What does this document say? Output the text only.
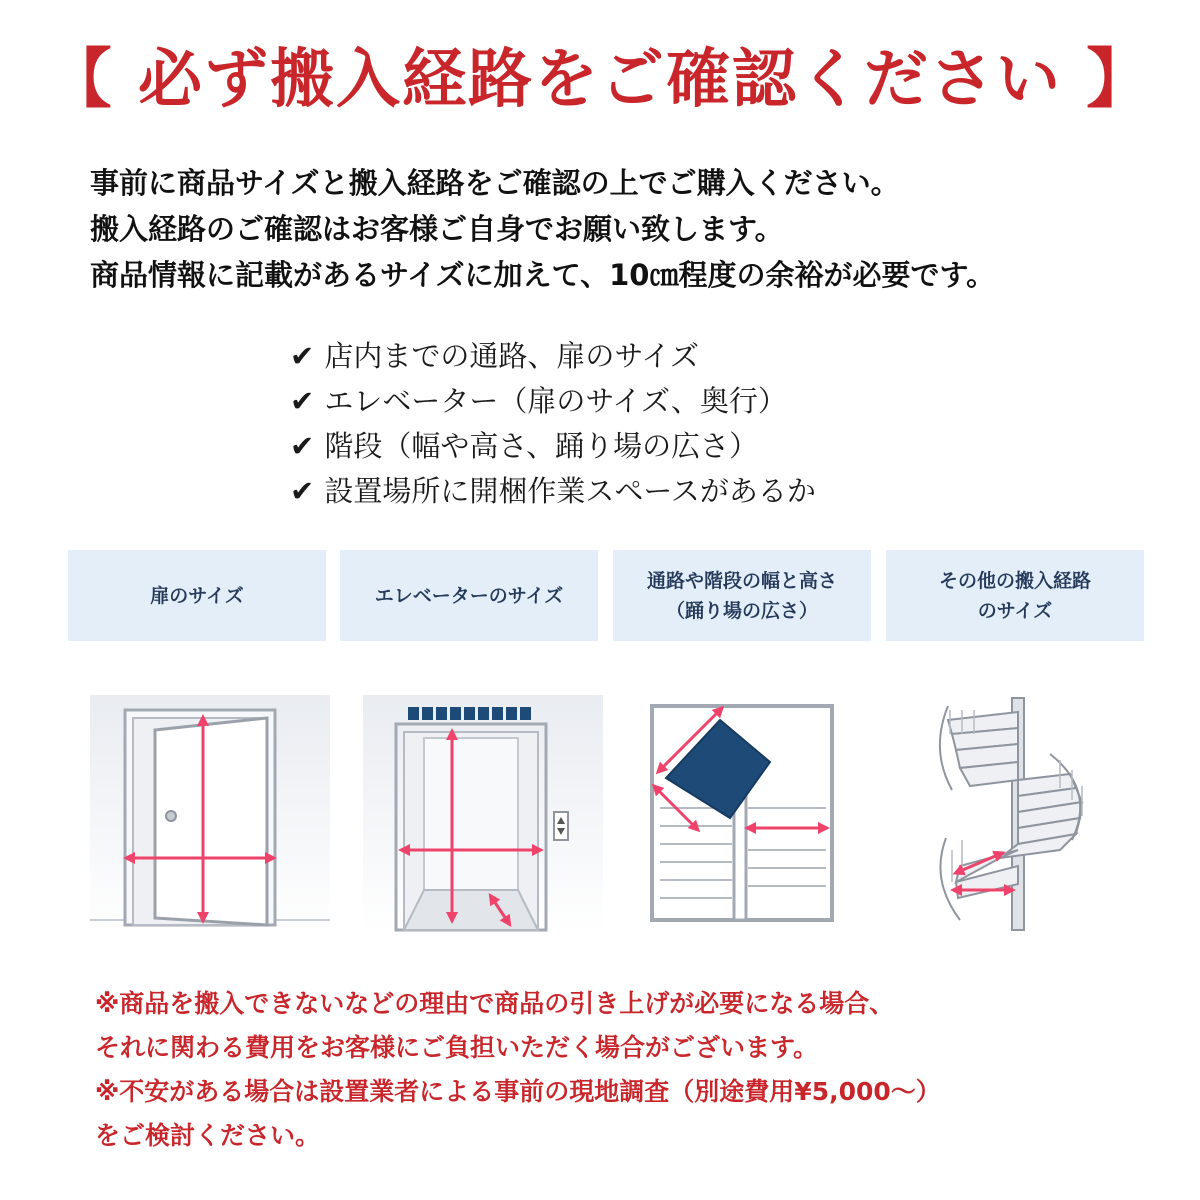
【 必ず搬入経路をご確認ください 】
事前に商品サイズと搬入経路をご確認の上でご購入ください。
搬入経路のご確認はお客様ご自身でお願い致します。
商品情報に記載があるサイズに加えて、10㎝程度の余裕が必要です。
✔ 店内までの通路、扉のサイズ
✔ エレベーター（扉のサイズ、奥行）
✔ 階段（幅や高さ、踊り場の広さ）
✔ 設置場所に開梱作業スペースがあるか
扉のサイズ	エレベーターのサイズ
通路や階段の幅と高さ
（踊り場の広さ）
その他の搬入経路
のサイズ
※商品を搬入できないなどの理由で商品の引き上げが必要になる場合、
それに関わる費用をお客様にご負担いただく場合がございます。
※不安がある場合は設置業者による事前の現地調査（別途費用¥5,000〜）
をご検討ください。
